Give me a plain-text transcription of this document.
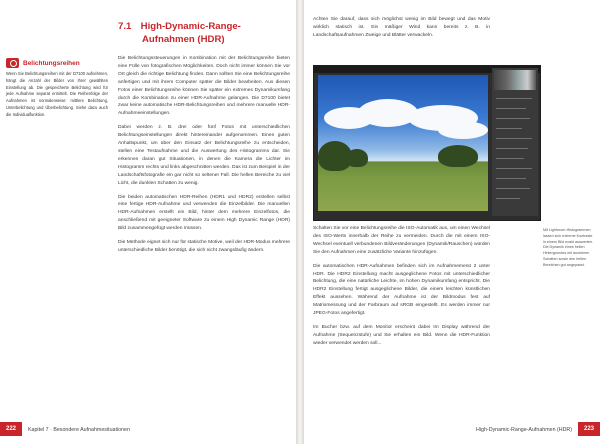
Belichtungsreihen
Wenn Sie Belichtungsreihen mit der D7100 aufnehmen, hängt die Anzahl der Bilder von Ihrer gewählten Einstellung ab. Die gespeicherte Belichtung wird für jede Aufnahme separat ermittelt. Die Reihenfolge der Aufnahmen ist normalerweise: mittlere Belichtung, Unterbelichtung und Überbelichtung. Siehe dazu auch die Individualfunktion.
7.1 High-Dynamic-Range-
Aufnahmen (HDR)

Die Belichtungssteuerungen in Kombination mit der Belichtungsreihe bieten eine Fülle von fotografischen Möglichkeiten. Doch nicht immer können Sie vor Ort gleich die richtige Belichtung finden. Dann sollten Sie eine Belichtungsreihe anfertigen und mit ihrem Computer später die Bilder bearbeiten. Aus diesen Fotos einer Belichtungsreihe können Sie später ein extremes Dynamikumfang durch die Kombination zu einer HDR-Aufnahme gelangen. Die D7100 bietet zwar keine automatische HDR-Belichtungsreihen und mehrere manuelle HDR-Aufnahmeeinstellungen.

Dabei werden z. B. drei oder fünf Fotos mit unterschiedlichen Belichtungseinstellungen direkt hintereinander aufgenommen. Einen guten Anhaltspunkt, um über den Einsatz der Belichtungsreihe zu entscheiden, stellen eine Testaufnahme und die Auswertung des Histogramms dar. Sie erkennen daran gut Situationen, in denen die Kamera die Lichter im Histogramm rechts und links abgeschnitten werden. Das ist zum Beispiel in der Landschaftsfotografie ein gar nicht so seltener Fall. Die hellen Bereiche zu viel Licht, die dunklen Schatten zu wenig.

Die beiden automatischen HDR-Reihen (HDR1 und HDR2) erstellen selbst eine fertige HDR-Aufnahme und verwenden die Einzelbilder. Die manuellen HDR-Aufnahmen erstellt ein Bild, hinter dem mehrere Einzelfotos, die anschließend mit geeigneter Software zu einem High Dynamic Range (HDR) Bild zusammengefügt werden müssen.

Die Methode eignet sich nur für statische Motive, weil der HDR-Modus mehrere unterschiedliche Bilder benötigt, die sich nicht zwangsläufig ändern.

222 Kapitel 7 · Besondere Aufnahmesituationen
Achten Sie darauf, dass sich möglichst wenig im Bild bewegt und das Motiv wirklich statisch ist. Ein mäßiger Wind kann bereits z. B. in Landschaftsaufnahmen Zweige und Blätter verwackeln.
Mit Lightroom-Histogrammen lassen sich extreme Kontraste in einem Bild exakt auswerten. Die Dynamik eines hellen Hintergrundes mit dunkleren Schatten sowie den hellen Bereichen gut angepasst.

Schalten Sie vor eine Belichtungsreihe die ISO-Automatik aus, um einen Wechsel des ISO-Werts innerhalb der Reihe zu vermeiden. Durch die mit einem ISO-Wechsel eventuell verbundenen Bildveränderungen (Dynamik/Rauschen) würden Sie den Aufnahmen eine zusätzliche Variante hinzufügen.

Die automatischen HDR-Aufnahmen befinden sich im Aufnahmemenü 2 unter HDR. Die HDR2 Einstellung macht ausgeglichene Fotos mit unterschiedlicher Belichtung, die eine natürliche Leichte, im hohen Dynamikumfang entspricht. Die HDR2 Einstellung fertigt ausgeglichene Bilder, die einem leichten künstlichen Effekt aussehen. Während der Aufnahme ist der Bildmodus fest auf Matrixmessung und der Farbraum auf sRGB eingestellt. Es werden immer nur JPEG-Fotos angefertigt.

Im Bucher bzw. auf dem Monitor erscheint dabei Im Display während der Aufnahme (Sequenzstufe) und Sie erhalten ein Bild. Wenn die HDR-Funktion wieder verwendet werden soll...

High-Dynamic-Range-Aufnahmen (HDR) 223
